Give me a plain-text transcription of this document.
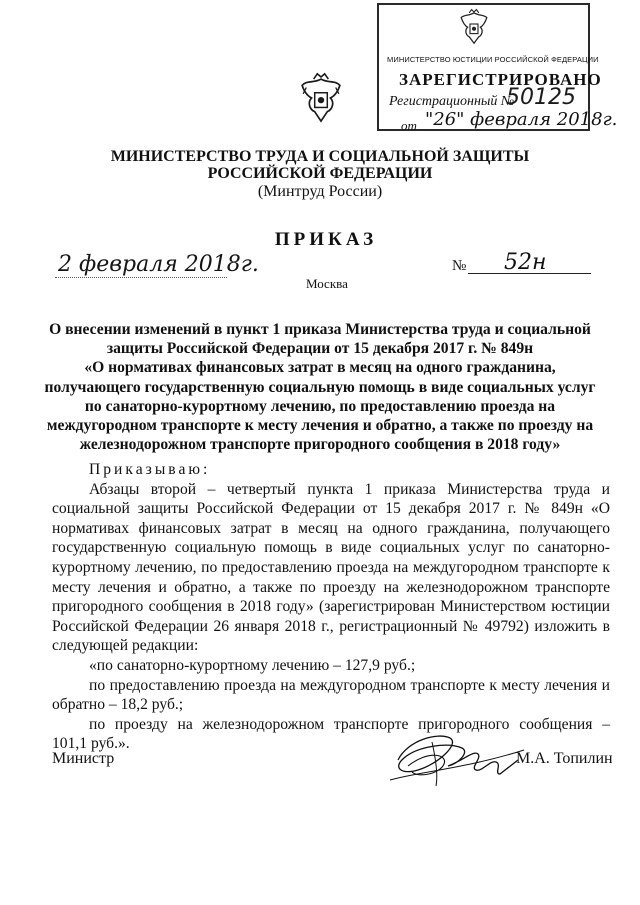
МИНИСТЕРСТВО ЮСТИЦИИ РОССИЙСКОЙ ФЕДЕРАЦИИ
ЗАРЕГИСТРИРОВАНО
Регистрационный №
50125
от "26" февраля 2018г.
МИНИСТЕРСТВО ТРУДА И СОЦИАЛЬНОЙ ЗАЩИТЫ
РОССИЙСКОЙ ФЕДЕРАЦИИ
(Минтруд России)
ПРИКАЗ
2 февраля 2018г.
Москва
№ 52н
О внесении изменений в пункт 1 приказа Министерства труда и социальной
защиты Российской Федерации от 15 декабря 2017 г. № 849н
«О нормативах финансовых затрат в месяц на одного гражданина,
получающего государственную социальную помощь в виде социальных услуг
по санаторно-курортному лечению, по предоставлению проезда на
междугородном транспорте к месту лечения и обратно, а также по проезду на
железнодорожном транспорте пригородного сообщения в 2018 году»
Приказываю:
Абзацы второй – четвертый пункта 1 приказа Министерства труда и
социальной защиты Российской Федерации от 15 декабря 2017 г. № 849н «О
нормативах финансовых затрат в месяц на одного гражданина, получающего
государственную социальную помощь в виде социальных услуг по санаторно-
курортному лечению, по предоставлению проезда на междугородном транспорте к
месту лечения и обратно, а также по проезду на железнодорожном транспорте
пригородного сообщения в 2018 году» (зарегистрирован Министерством юстиции
Российской Федерации 26 января 2018 г., регистрационный № 49792) изложить в
следующей редакции:
«по санаторно-курортному лечению – 127,9 руб.;
по предоставлению проезда на междугородном транспорте к месту лечения и
обратно – 18,2 руб.;
по проезду на железнодорожном транспорте пригородного сообщения –
101,1 руб.».
Министр	М.А. Топилин
